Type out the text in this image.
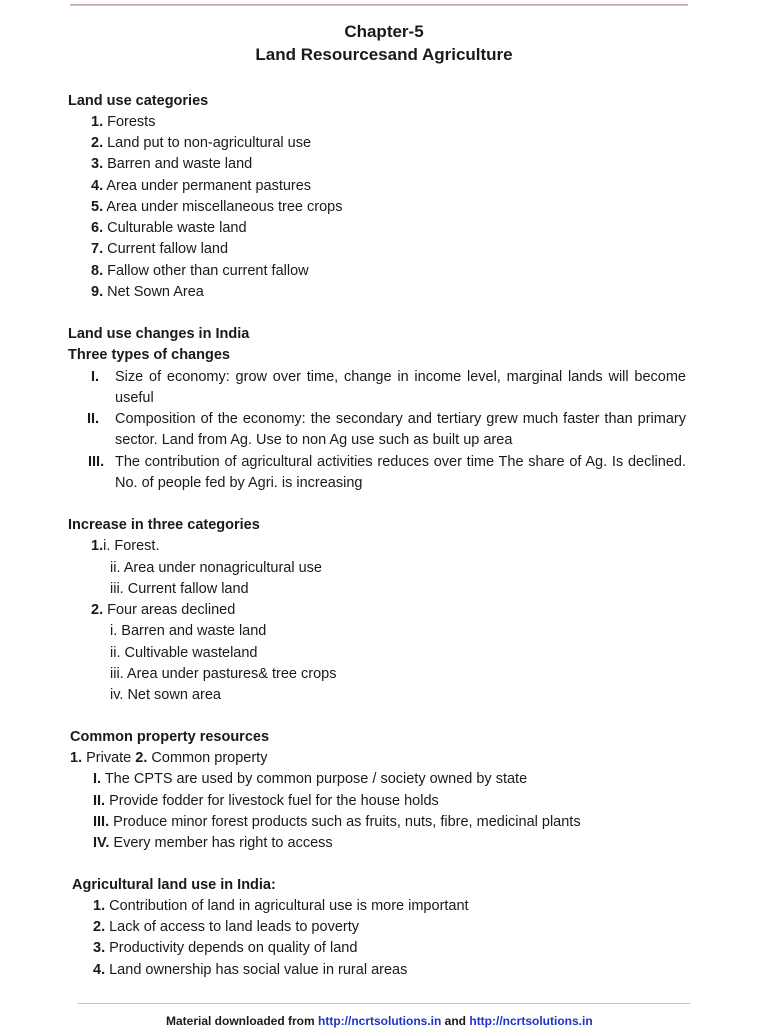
Chapter-5
Land Resourcesand Agriculture
Land use categories
1. Forests
2. Land put to non-agricultural use
3. Barren and waste land
4. Area under permanent pastures
5. Area under miscellaneous tree crops
6. Culturable waste land
7. Current fallow land
8. Fallow other than current fallow
9. Net Sown Area
Land use changes in India
Three types of changes
I. Size of economy: grow over time, change in income level, marginal lands will become useful
II. Composition of the economy: the secondary and tertiary grew much faster than primary sector. Land from Ag. Use to non Ag use such as built up area
III. The contribution of agricultural activities reduces over time The share of Ag. Is declined. No. of people fed by Agri. is increasing
Increase in three categories
1.i. Forest.
ii. Area under nonagricultural use
iii. Current fallow land
2. Four areas declined
i. Barren and waste land
ii. Cultivable wasteland
iii. Area under pastures& tree crops
iv. Net sown area
Common property resources
1. Private 2. Common property
I. The CPTS are used by common purpose / society owned by state
II. Provide fodder for livestock fuel for the house holds
III. Produce minor forest products such as fruits, nuts, fibre, medicinal plants
IV. Every member has right to access
Agricultural land use in India:
1. Contribution of land in agricultural use is more important
2. Lack of access to land leads to poverty
3. Productivity depends on quality of land
4. Land ownership has social value in rural areas
Material downloaded from http://ncrtsolutions.in and http://ncrtsolutions.in
